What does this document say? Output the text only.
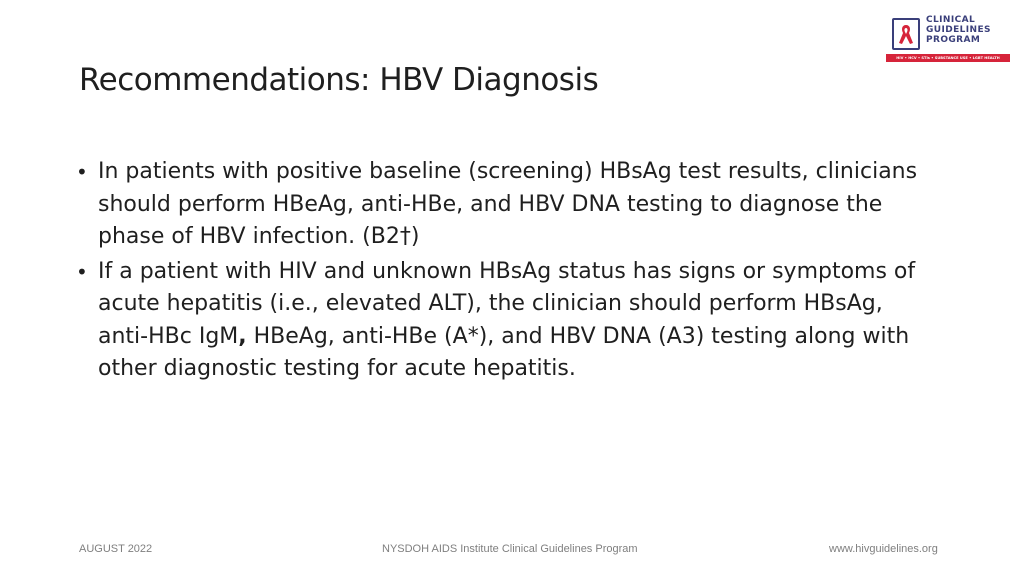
CLINICAL
GUIDELINES
PROGRAM
HIV • HCV • STIs • SUBSTANCE USE • LGBT HEALTH
Recommendations: HBV Diagnosis
• In patients with positive baseline (screening) HBsAg test results, clinicians should perform HBeAg, anti-HBe, and HBV DNA testing to diagnose the phase of HBV infection. (B2†)
• If a patient with HIV and unknown HBsAg status has signs or symptoms of acute hepatitis (i.e., elevated ALT), the clinician should perform HBsAg, anti-HBc IgM, HBeAg, anti-HBe (A*), and HBV DNA (A3) testing along with other diagnostic testing for acute hepatitis.
AUGUST 2022	NYSDOH AIDS Institute Clinical Guidelines Program	www.hivguidelines.org
